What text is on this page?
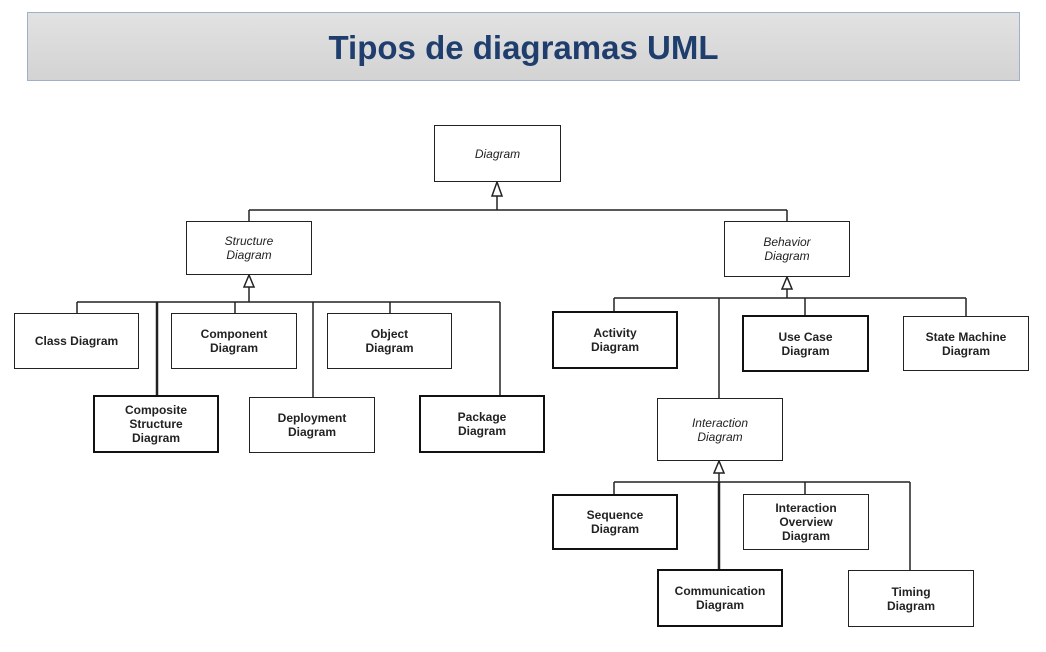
Tipos de diagramas UML
Diagram
Structure
Diagram
Behavior
Diagram
Class Diagram	Component
Diagram
Object
Diagram
Composite
Structure
Diagram
Deployment
Diagram
Package
Diagram
Activity
Diagram
Use Case
Diagram
State Machine
Diagram
Interaction
Diagram
Sequence
Diagram
Interaction
Overview
Diagram
Communication
Diagram
Timing
Diagram
